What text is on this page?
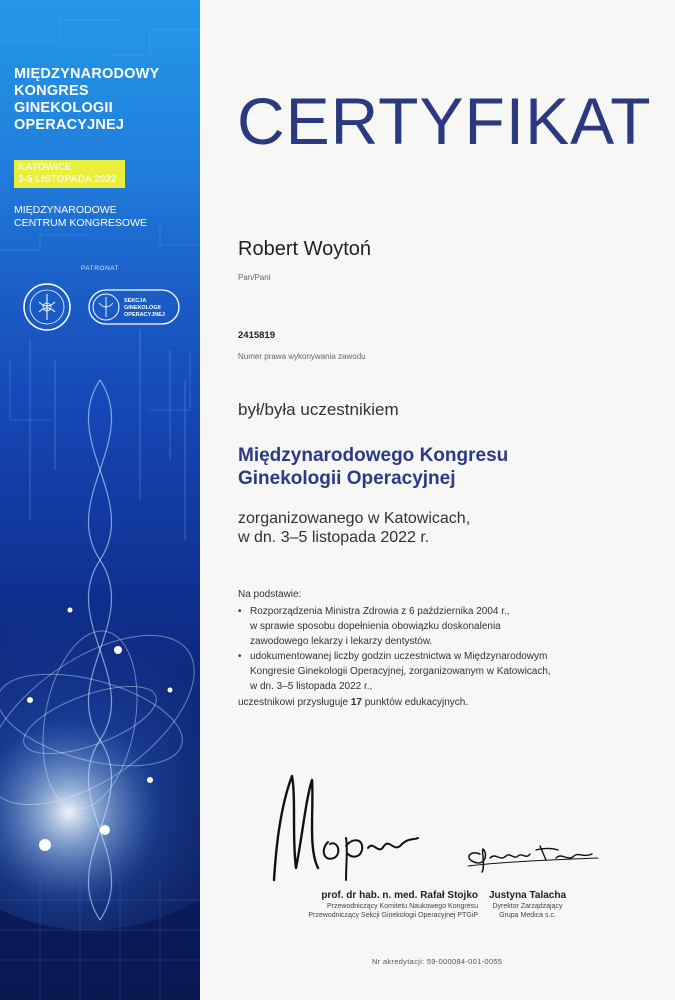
MIĘDZYNARODOWY
KONGRES
GINEKOLOGII
OPERACYJNEJ
KATOWICE
3-5 LISTOPADA 2022
MIĘDZYNARODOWE
CENTRUM KONGRESOWE
PATRONAT
SEKCJA
GINEKOLOGII
OPERACYJNEJ
CERTYFIKAT
Robert Woytoń
Pan/Pani
2415819
Numer prawa wykonywania zawodu
był/była uczestnikiem
Międzynarodowego Kongresu
Ginekologii Operacyjnej
zorganizowanego w Katowicach,
w dn. 3–5 listopada 2022 r.
Na podstawie:
• Rozporządzenia Ministra Zdrowia z 6 października 2004 r.,
w sprawie sposobu dopełnienia obowiązku doskonalenia
zawodowego lekarzy i lekarzy dentystów.
• udokumentowanej liczby godzin uczestnictwa w Międzynarodowym
Kongresie Ginekologii Operacyjnej, zorganizowanym w Katowicach,
w dn. 3–5 listopada 2022 r.,
uczestnikowi przysługuje 17 punktów edukacyjnych.
prof. dr hab. n. med. Rafał Stojko
Przewodniczący Komitetu Naukowego Kongresu
Przewodniczący Sekcji Ginekologii Operacyjnej PTGiP
Justyna Talacha
Dyrektor Zarządzający
Grupa Medica s.c.
Nr akredytacji: 59-000084-001-0055
